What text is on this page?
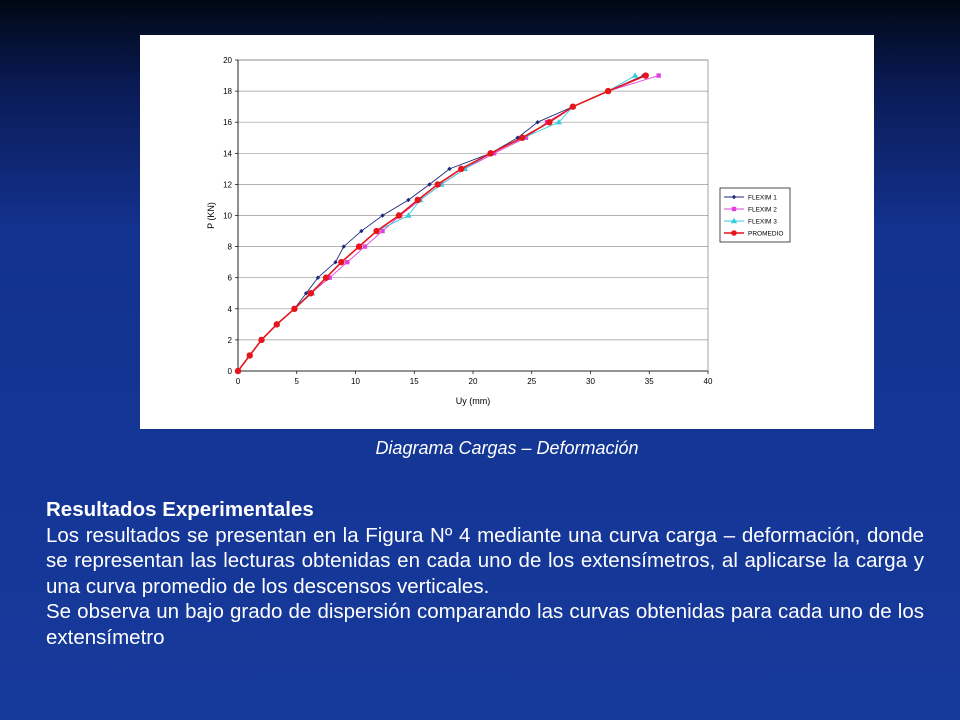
0
2
4
6
8
10
12
14
16
18
20
0	5	10	15	20	25	30	35	40
Uy (mm)
P (KN)
FLEXIM 1
FLEXIM 2
FLEXIM 3
PROMEDIO
Diagrama Cargas – Deformación
Resultados Experimentales

Los resultados se presentan en la Figura Nº 4 mediante una curva carga – deformación, donde se representan las lecturas obtenidas en cada uno de los extensímetros, al aplicarse la carga y una curva promedio de los descensos verticales.

Se observa un bajo grado de dispersión comparando las curvas obtenidas para cada uno de los extensímetro
